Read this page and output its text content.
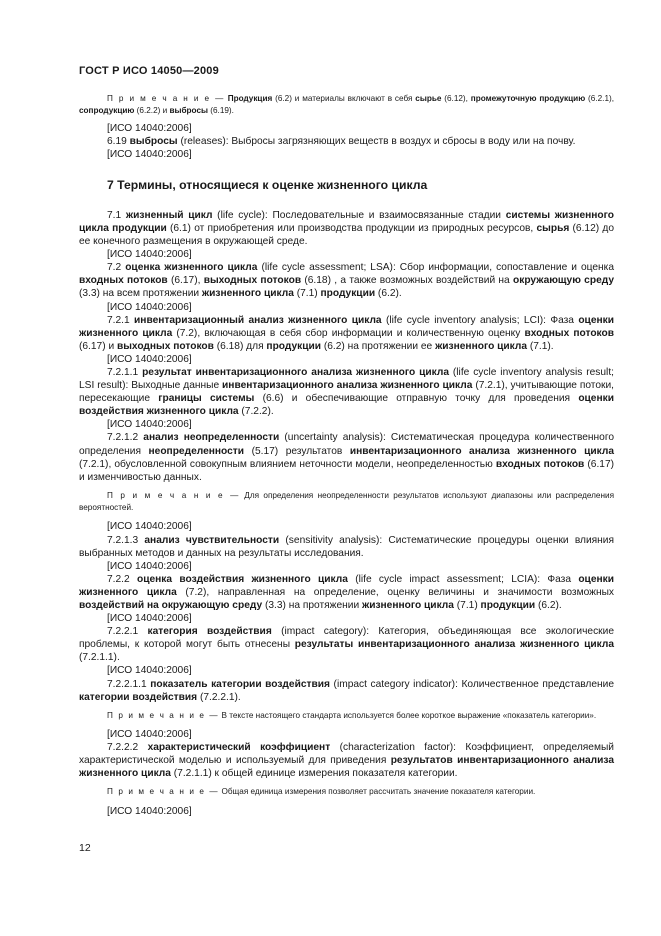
ГОСТ Р ИСО 14050—2009

П р и м е ч а н и е — Продукция (6.2) и материалы включают в себя сырье (6.12), промежуточную продукцию (6.2.1), сопродукцию (6.2.2) и выбросы (6.19).

[ИСО 14040:2006]

6.19 выбросы (releases): Выбросы загрязняющих веществ в воздух и сбросы в воду или на почву.

[ИСО 14040:2006]

7 Термины, относящиеся к оценке жизненного цикла

7.1 жизненный цикл (life cycle): Последовательные и взаимосвязанные стадии системы жизненного цикла продукции (6.1) от приобретения или производства продукции из природных ресурсов, сырья (6.12) до ее конечного размещения в окружающей среде.

[ИСО 14040:2006]

7.2 оценка жизненного цикла (life cycle assessment; LSA): Сбор информации, сопоставление и оценка входных потоков (6.17), выходных потоков (6.18) , а также возможных воздействий на окружающую среду (3.3) на всем протяжении жизненного цикла (7.1) продукции (6.2).

[ИСО 14040:2006]

7.2.1 инвентаризационный анализ жизненного цикла (life cycle inventory analysis; LCI): Фаза оценки жизненного цикла (7.2), включающая в себя сбор информации и количественную оценку входных потоков (6.17) и выходных потоков (6.18) для продукции (6.2) на протяжении ее жизненного цикла (7.1).

[ИСО 14040:2006]

7.2.1.1 результат инвентаризационного анализа жизненного цикла (life cycle inventory analysis result; LSI result): Выходные данные инвентаризационного анализа жизненного цикла (7.2.1), учитывающие потоки, пересекающие границы системы (6.6) и обеспечивающие отправную точку для проведения оценки воздействия жизненного цикла (7.2.2).

[ИСО 14040:2006]

7.2.1.2 анализ неопределенности (uncertainty analysis): Систематическая процедура количественного определения неопределенности (5.17) результатов инвентаризационного анализа жизненного цикла (7.2.1), обусловленной совокупным влиянием неточности модели, неопределенностью входных потоков (6.17) и изменчивостью данных.

П р и м е ч а н и е — Для определения неопределенности результатов используют диапазоны или распределения вероятностей.

[ИСО 14040:2006]

7.2.1.3 анализ чувствительности (sensitivity analysis): Систематические процедуры оценки влияния выбранных методов и данных на результаты исследования.

[ИСО 14040:2006]

7.2.2 оценка воздействия жизненного цикла (life cycle impact assessment; LCIA): Фаза оценки жизненного цикла (7.2), направленная на определение, оценку величины и значимости возможных воздействий на окружающую среду (3.3) на протяжении жизненного цикла (7.1) продукции (6.2).

[ИСО 14040:2006]

7.2.2.1 категория воздействия (impact category): Категория, объединяющая все экологические проблемы, к которой могут быть отнесены результаты инвентаризационного анализа жизненного цикла (7.2.1.1).

[ИСО 14040:2006]

7.2.2.1.1 показатель категории воздействия (impact category indicator): Количественное представление категории воздействия (7.2.2.1).

П р и м е ч а н и е — В тексте настоящего стандарта используется более короткое выражение «показатель категории».

[ИСО 14040:2006]

7.2.2.2 характеристический коэффициент (characterization factor): Коэффициент, определяемый характеристической моделью и используемый для приведения результатов инвентаризационного анализа жизненного цикла (7.2.1.1) к общей единице измерения показателя категории.

П р и м е ч а н и е — Общая единица измерения позволяет рассчитать значение показателя категории.

[ИСО 14040:2006]

12
